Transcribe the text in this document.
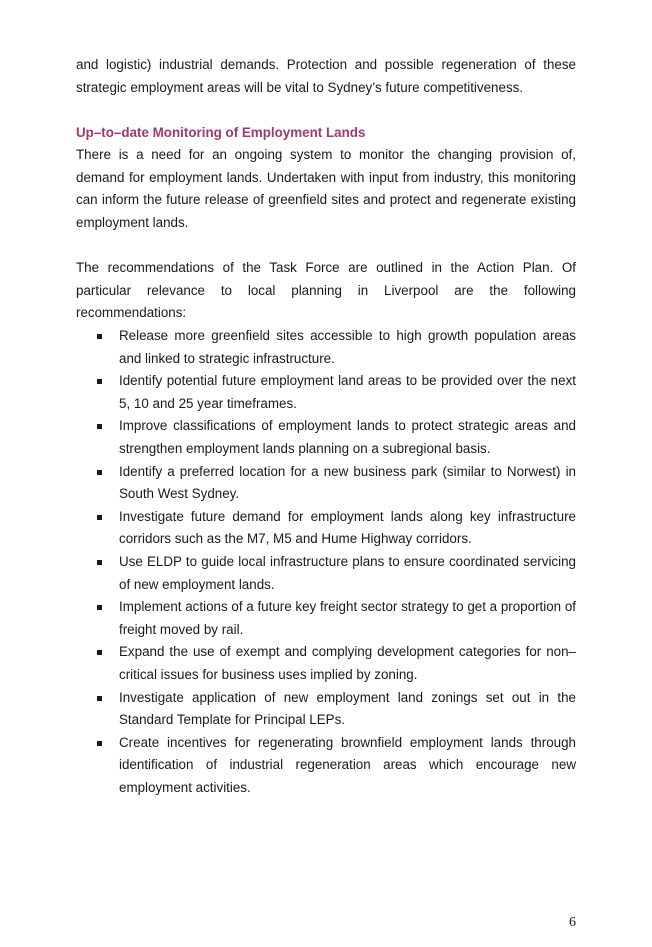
and logistic) industrial demands. Protection and possible regeneration of these strategic employment areas will be vital to Sydney’s future competitiveness.

Up–to–date Monitoring of Employment Lands

There is a need for an ongoing system to monitor the changing provision of, demand for employment lands. Undertaken with input from industry, this monitoring can inform the future release of greenfield sites and protect and regenerate existing employment lands.

The recommendations of the Task Force are outlined in the Action Plan. Of particular relevance to local planning in Liverpool are the following recommendations:

Release more greenfield sites accessible to high growth population areas and linked to strategic infrastructure.
Identify potential future employment land areas to be provided over the next 5, 10 and 25 year timeframes.
Improve classifications of employment lands to protect strategic areas and strengthen employment lands planning on a subregional basis.
Identify a preferred location for a new business park (similar to Norwest) in South West Sydney.
Investigate future demand for employment lands along key infrastructure corridors such as the M7, M5 and Hume Highway corridors.
Use ELDP to guide local infrastructure plans to ensure coordinated servicing of new employment lands.
Implement actions of a future key freight sector strategy to get a proportion of freight moved by rail.
Expand the use of exempt and complying development categories for non–critical issues for business uses implied by zoning.
Investigate application of new employment land zonings set out in the Standard Template for Principal LEPs.
Create incentives for regenerating brownfield employment lands through identification of industrial regeneration areas which encourage new employment activities.
6
